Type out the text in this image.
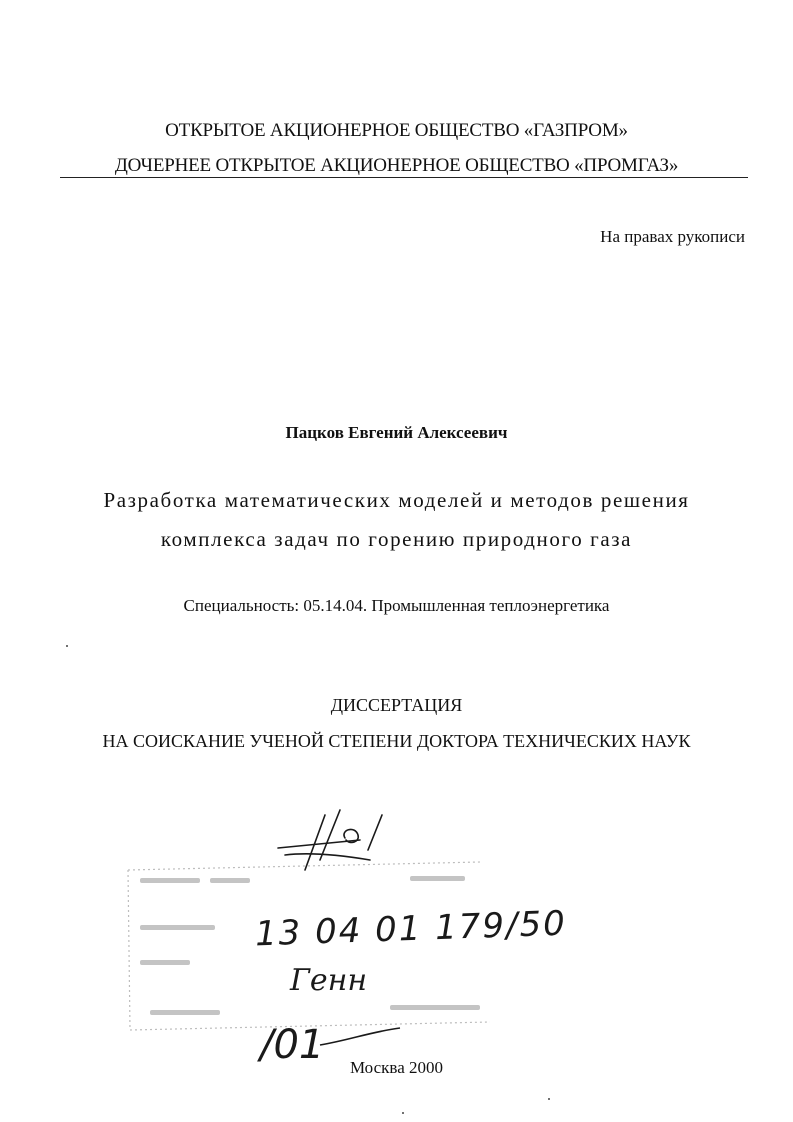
ОТКРЫТОЕ АКЦИОНЕРНОЕ ОБЩЕСТВО «ГАЗПРОМ»
ДОЧЕРНЕЕ ОТКРЫТОЕ АКЦИОНЕРНОЕ ОБЩЕСТВО «ПРОМГАЗ»
На правах рукописи
Пацков Евгений Алексеевич
Разработка математических моделей и методов решения
комплекса задач по горению природного газа
Специальность: 05.14.04. Промышленная теплоэнергетика
ДИССЕРТАЦИЯ
НА СОИСКАНИЕ УЧЕНОЙ СТЕПЕНИ ДОКТОРА ТЕХНИЧЕСКИХ НАУК
13 04 01 179/50
Генн
/01	Москва 2000
